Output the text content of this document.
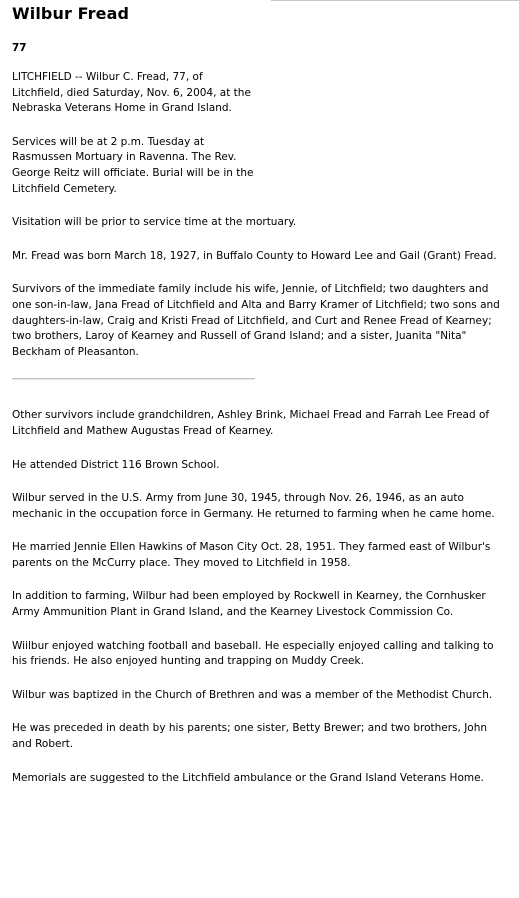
Wilbur Fread
77

LITCHFIELD -- Wilbur C. Fread, 77, of Litchfield, died Saturday, Nov. 6, 2004, at the Nebraska Veterans Home in Grand Island.

Services will be at 2 p.m. Tuesday at Rasmussen Mortuary in Ravenna. The Rev. George Reitz will officiate. Burial will be in the Litchfield Cemetery.

Visitation will be prior to service time at the mortuary.

Mr. Fread was born March 18, 1927, in Buffalo County to Howard Lee and Gail (Grant) Fread.

Survivors of the immediate family include his wife, Jennie, of Litchfield; two daughters and one son-in-law, Jana Fread of Litchfield and Alta and Barry Kramer of Litchfield; two sons and daughters-in-law, Craig and Kristi Fread of Litchfield, and Curt and Renee Fread of Kearney; two brothers, Laroy of Kearney and Russell of Grand Island; and a sister, Juanita "Nita" Beckham of Pleasanton.

Other survivors include grandchildren, Ashley Brink, Michael Fread and Farrah Lee Fread of Litchfield and Mathew Augustas Fread of Kearney.

He attended District 116 Brown School.

Wilbur served in the U.S. Army from June 30, 1945, through Nov. 26, 1946, as an auto mechanic in the occupation force in Germany. He returned to farming when he came home.

He married Jennie Ellen Hawkins of Mason City Oct. 28, 1951. They farmed east of Wilbur's parents on the McCurry place. They moved to Litchfield in 1958.

In addition to farming, Wilbur had been employed by Rockwell in Kearney, the Cornhusker Army Ammunition Plant in Grand Island, and the Kearney Livestock Commission Co.

Wiilbur enjoyed watching football and baseball. He especially enjoyed calling and talking to his friends. He also enjoyed hunting and trapping on Muddy Creek.

Wilbur was baptized in the Church of Brethren and was a member of the Methodist Church.

He was preceded in death by his parents; one sister, Betty Brewer; and two brothers, John and Robert.

Memorials are suggested to the Litchfield ambulance or the Grand Island Veterans Home.
